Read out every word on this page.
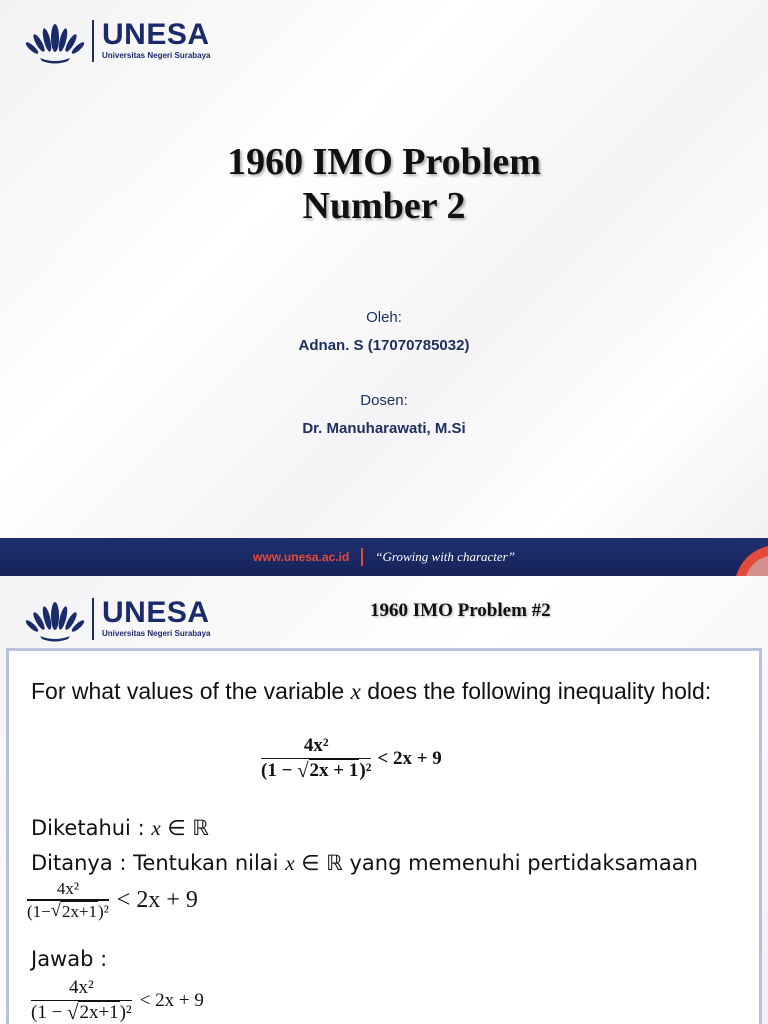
UNESA
Universitas Negeri Surabaya
1960 IMO Problem
Number 2
Oleh:
Adnan. S (17070785032)
Dosen:
Dr. Manuharawati, M.Si
www.unesa.ac.id “Growing with character”
UNESA
Universitas Negeri Surabaya
1960 IMO Problem #2
For what values of the variable x does the following inequality hold:
$\frac{\text{4x²}}{\text{(1 − √ 2x + 1)²}} < 2x + 9$
Diketahui : x ∈ ℝ
Ditanya : Tentukan nilai x ∈ ℝ yang memenuhi pertidaksamaan
$\frac{\text{4x²}}{\text{(1− √ 2x+1)²}} < 2x + 9$
Jawab :
$\frac{\text{4x²}}{\text{(1 − √ 2x+1)²}} < 2x + 9$
